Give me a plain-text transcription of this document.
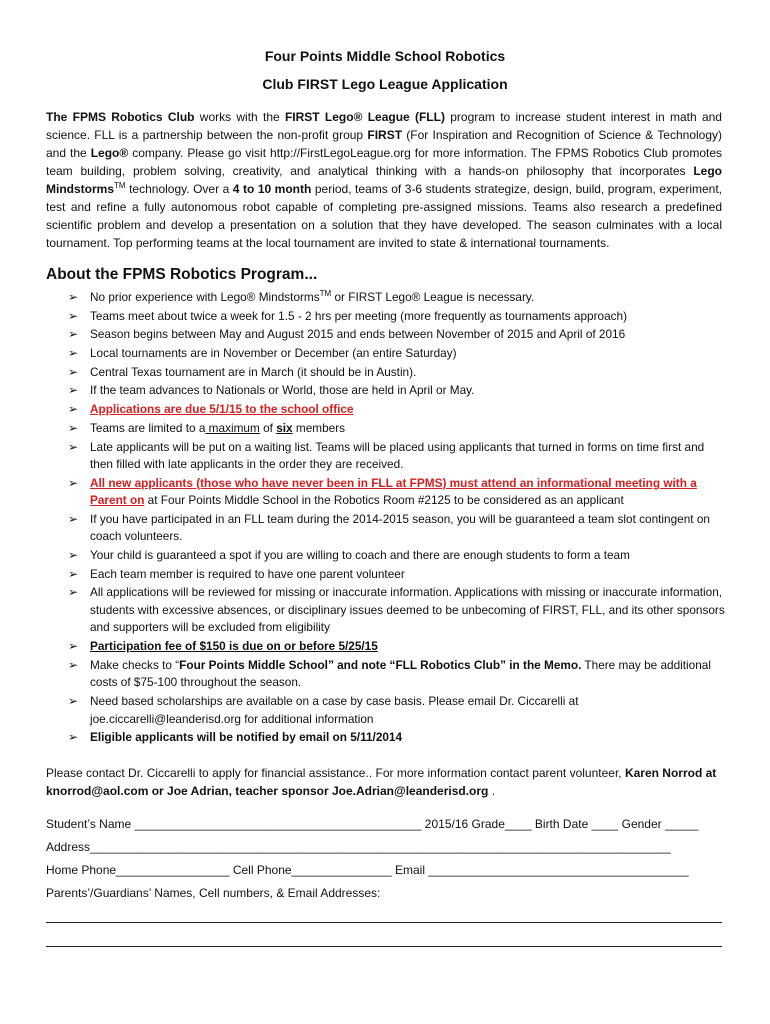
Four Points Middle School Robotics
Club FIRST Lego League Application
The FPMS Robotics Club works with the FIRST Lego® League (FLL) program to increase student interest in math and science. FLL is a partnership between the non-profit group FIRST (For Inspiration and Recognition of Science & Technology) and the Lego® company. Please go visit http://FirstLegoLeague.org for more information. The FPMS Robotics Club promotes team building, problem solving, creativity, and analytical thinking with a hands-on philosophy that incorporates Lego Mindstorms™ technology. Over a 4 to 10 month period, teams of 3-6 students strategize, design, build, program, experiment, test and refine a fully autonomous robot capable of completing pre-assigned missions. Teams also research a predefined scientific problem and develop a presentation on a solution that they have developed. The season culminates with a local tournament. Top performing teams at the local tournament are invited to state & international tournaments.
About the FPMS Robotics Program...
➢	No prior experience with Lego® Mindstorms™ or FIRST Lego® League is necessary.
➢	Teams meet about twice a week for 1.5 - 2 hrs per meeting (more frequently as tournaments approach)
➢	Season begins between May and August 2015 and ends between November of 2015 and April of 2016
➢	Local tournaments are in November or December (an entire Saturday)
➢	Central Texas tournament are in March (it should be in Austin).
➢	If the team advances to Nationals or World, those are held in April or May.
➢	Applications are due 5/1/15 to the school office
➢	Teams are limited to a maximum of six members
➢	Late applicants will be put on a waiting list. Teams will be placed using applicants that turned in forms on time first and then filled with late applicants in the order they are received.
➢	All new applicants (those who have never been in FLL at FPMS) must attend an informational meeting with a Parent on at Four Points Middle School in the Robotics Room #2125 to be considered as an applicant
➢	If you have participated in an FLL team during the 2014-2015 season, you will be guaranteed a team slot contingent on coach volunteers.
➢	Your child is guaranteed a spot if you are willing to coach and there are enough students to form a team
➢	Each team member is required to have one parent volunteer
➢	All applications will be reviewed for missing or inaccurate information. Applications with missing or inaccurate information, students with excessive absences, or disciplinary issues deemed to be unbecoming of FIRST, FLL, and its other sponsors and supporters will be excluded from eligibility
➢	Participation fee of $150 is due on or before 5/25/15
➢	Make checks to “Four Points Middle School” and note “FLL Robotics Club” in the Memo. There may be additional costs of $75-100 throughout the season.
➢	Need based scholarships are available on a case by case basis. Please email Dr. Ciccarelli at joe.ciccarelli@leanderisd.org for additional information
➢	Eligible applicants will be notified by email on 5/11/2014
Please contact Dr. Ciccarelli to apply for financial assistance.. For more information contact parent volunteer, Karen Norrod at knorrod@aol.com or Joe Adrian, teacher sponsor Joe.Adrian@leanderisd.org .
Student’s Name ___________________________________________ 2015/16 Grade____ Birth Date ____ Gender _____
Address_______________________________________________________________________________________
Home Phone_________________ Cell Phone_______________ Email _______________________________________
Parents’/Guardians’ Names, Cell numbers, & Email Addresses:
